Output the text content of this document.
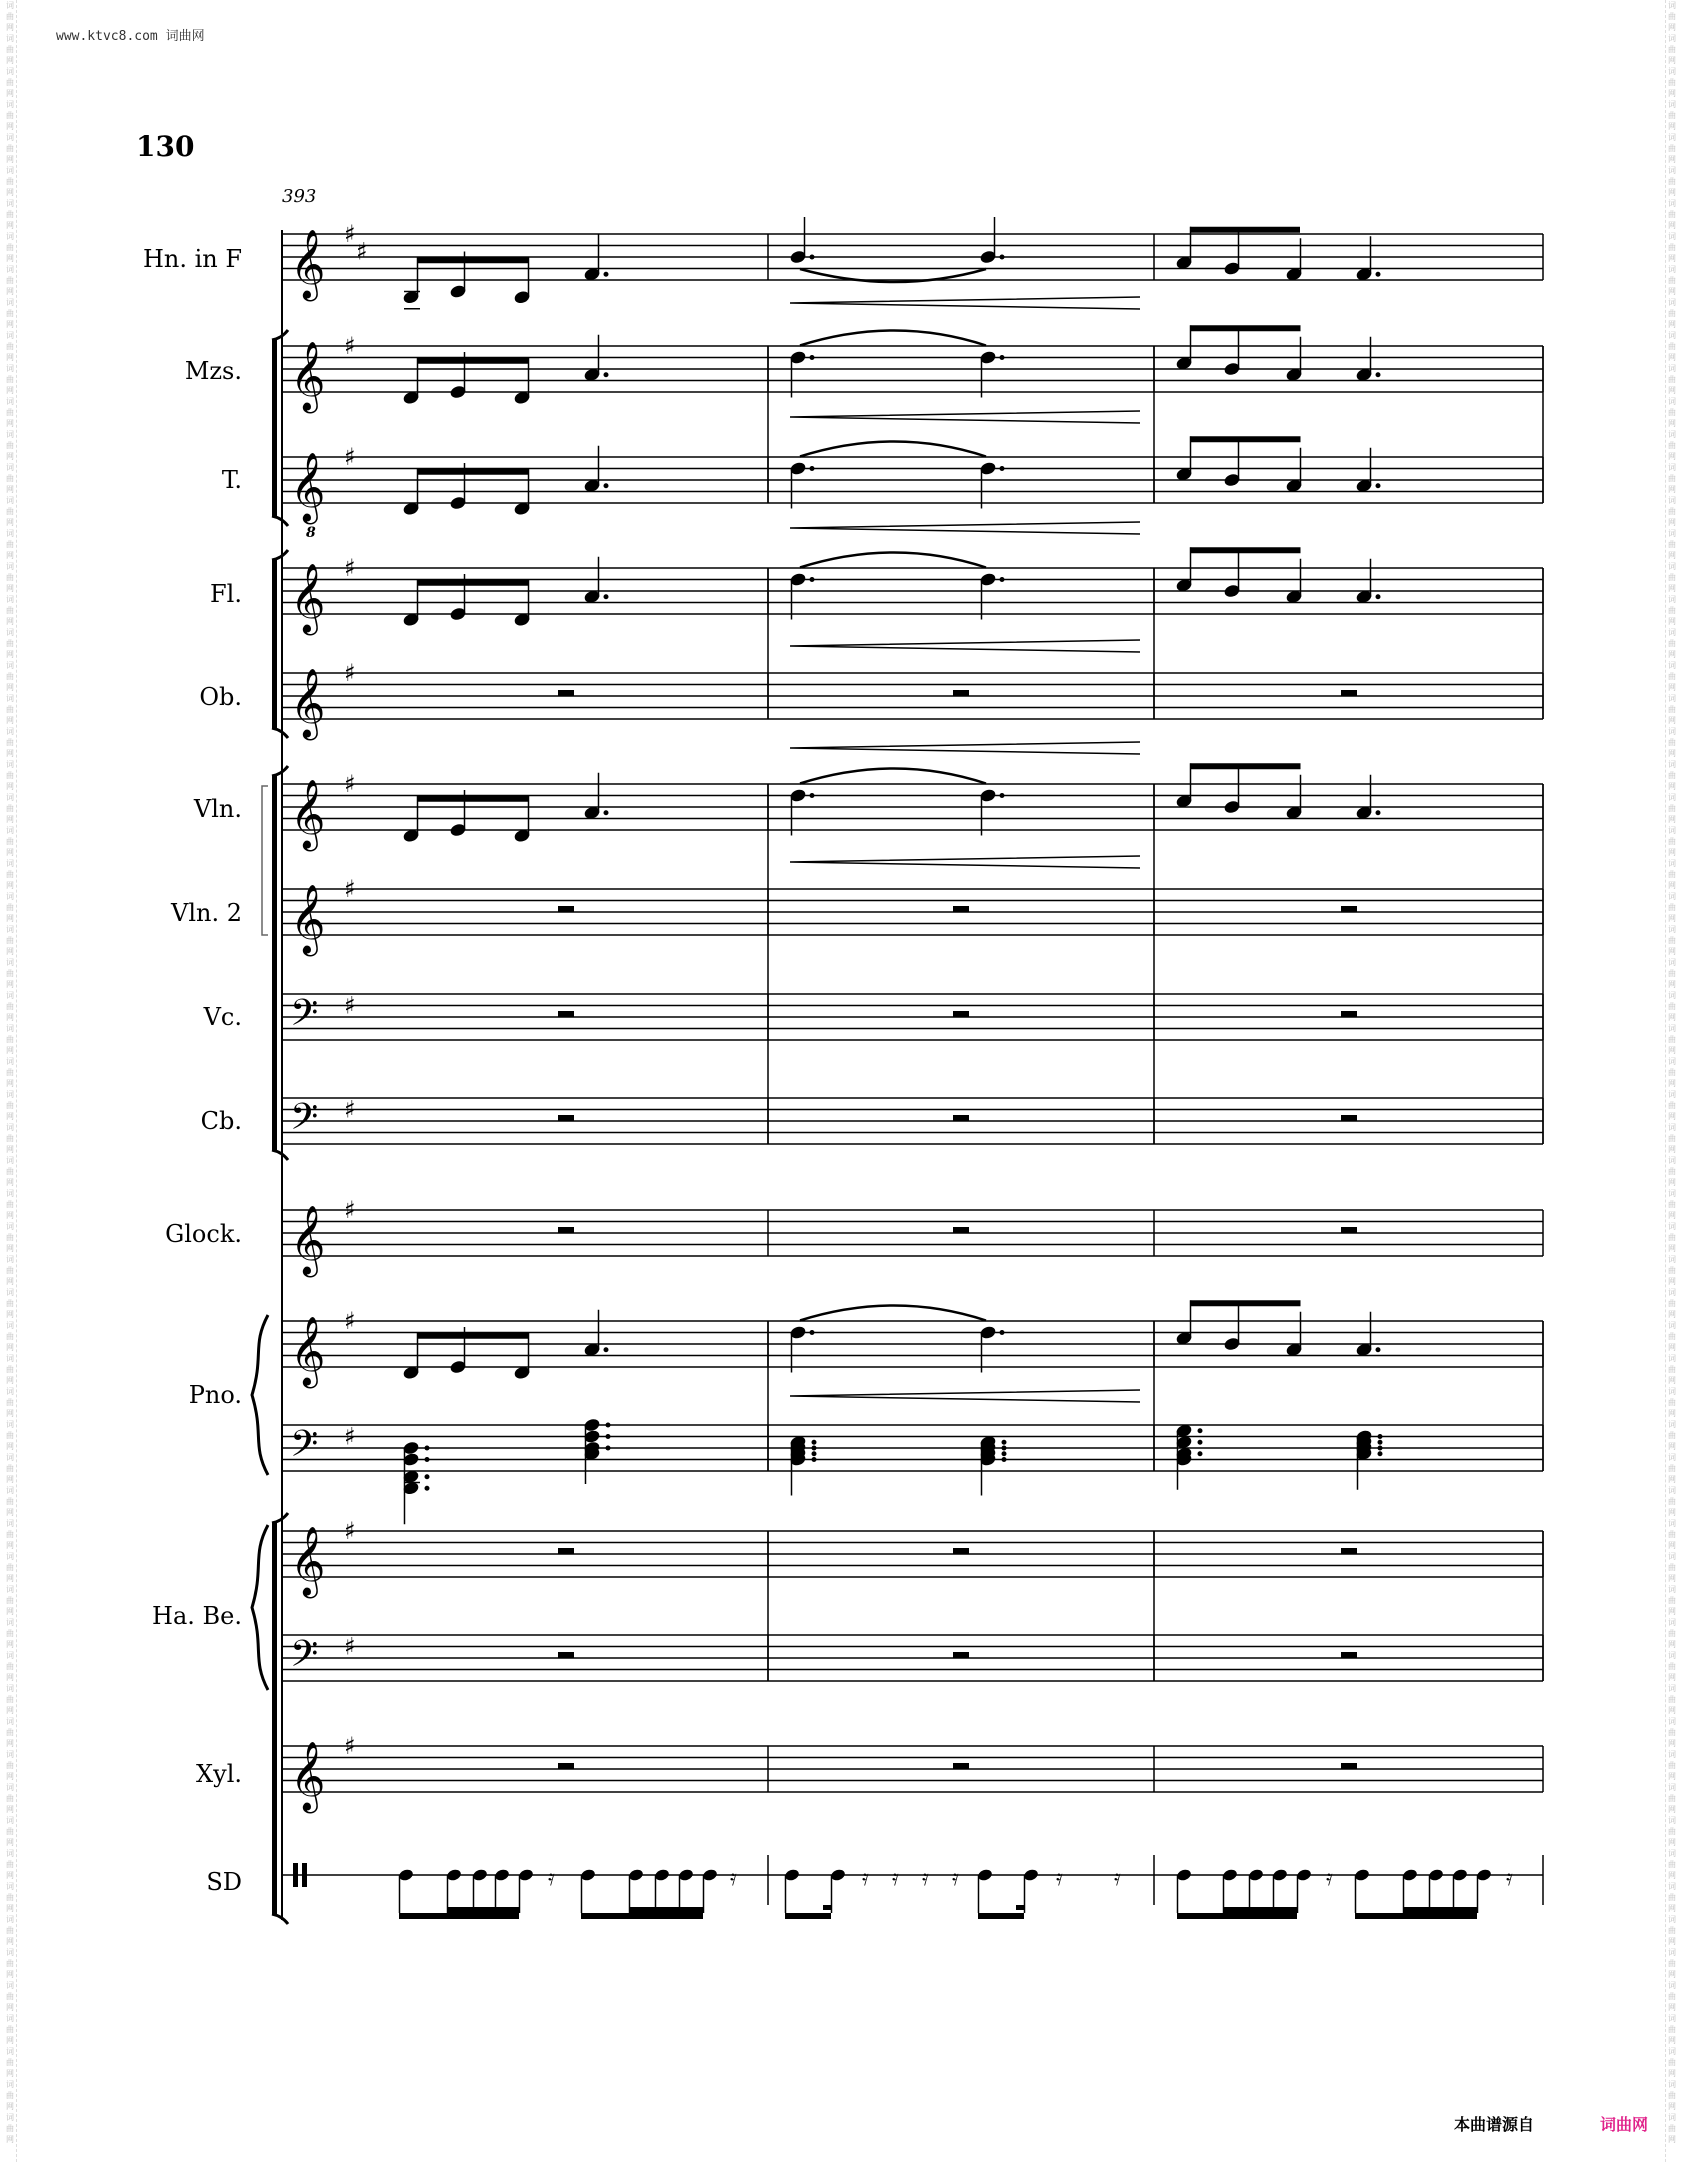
词曲网词曲网词曲网词曲网词曲网词曲网词曲网词曲网词曲网词曲网词曲网词曲网词曲网词曲网词曲网词曲网词曲网词曲网词曲网词曲网词曲网词曲网词曲网词曲网词曲网词曲网词曲网词曲网词曲网词曲网词曲网词曲网词曲网词曲网词曲网词曲网词曲网词曲网词曲网词曲网词曲网词曲网词曲网词曲网词曲网词曲网词曲网词曲网词曲网词曲网词曲网词曲网词曲网词曲网词曲网词曲网词曲网词曲网词曲网词曲网词曲网词曲网词曲网词曲网词曲网
词曲网词曲网词曲网词曲网词曲网词曲网词曲网词曲网词曲网词曲网词曲网词曲网词曲网词曲网词曲网词曲网词曲网词曲网词曲网词曲网词曲网词曲网词曲网词曲网词曲网词曲网词曲网词曲网词曲网词曲网词曲网词曲网词曲网词曲网词曲网词曲网词曲网词曲网词曲网词曲网词曲网词曲网词曲网词曲网词曲网词曲网词曲网词曲网词曲网词曲网词曲网词曲网词曲网词曲网词曲网词曲网词曲网词曲网词曲网词曲网词曲网词曲网词曲网词曲网词曲网
www.ktvc8.com 词曲网
130
393
Hn. in F
Mzs.
T.
Fl.
Ob.
Vln.
Vln. 2
Vc.
Cb.
Glock.
Pno.
Ha. Be.
Xyl.
SD
𝄞 ♯
♯
𝄞 ♯
𝄞
8
♯
𝄞 ♯
𝄞 ♯
𝄞 ♯
𝄞 ♯
𝄢 ♯
𝄢 ♯
𝄞 ♯
𝄞 ♯
𝄢 ♯
𝄞 ♯
𝄢 ♯
𝄞 ♯
𝄿	𝄿	𝄿 𝄿 𝄿 𝄿	𝄿 𝄿	𝄿	𝄿
本曲谱源自	词曲网
